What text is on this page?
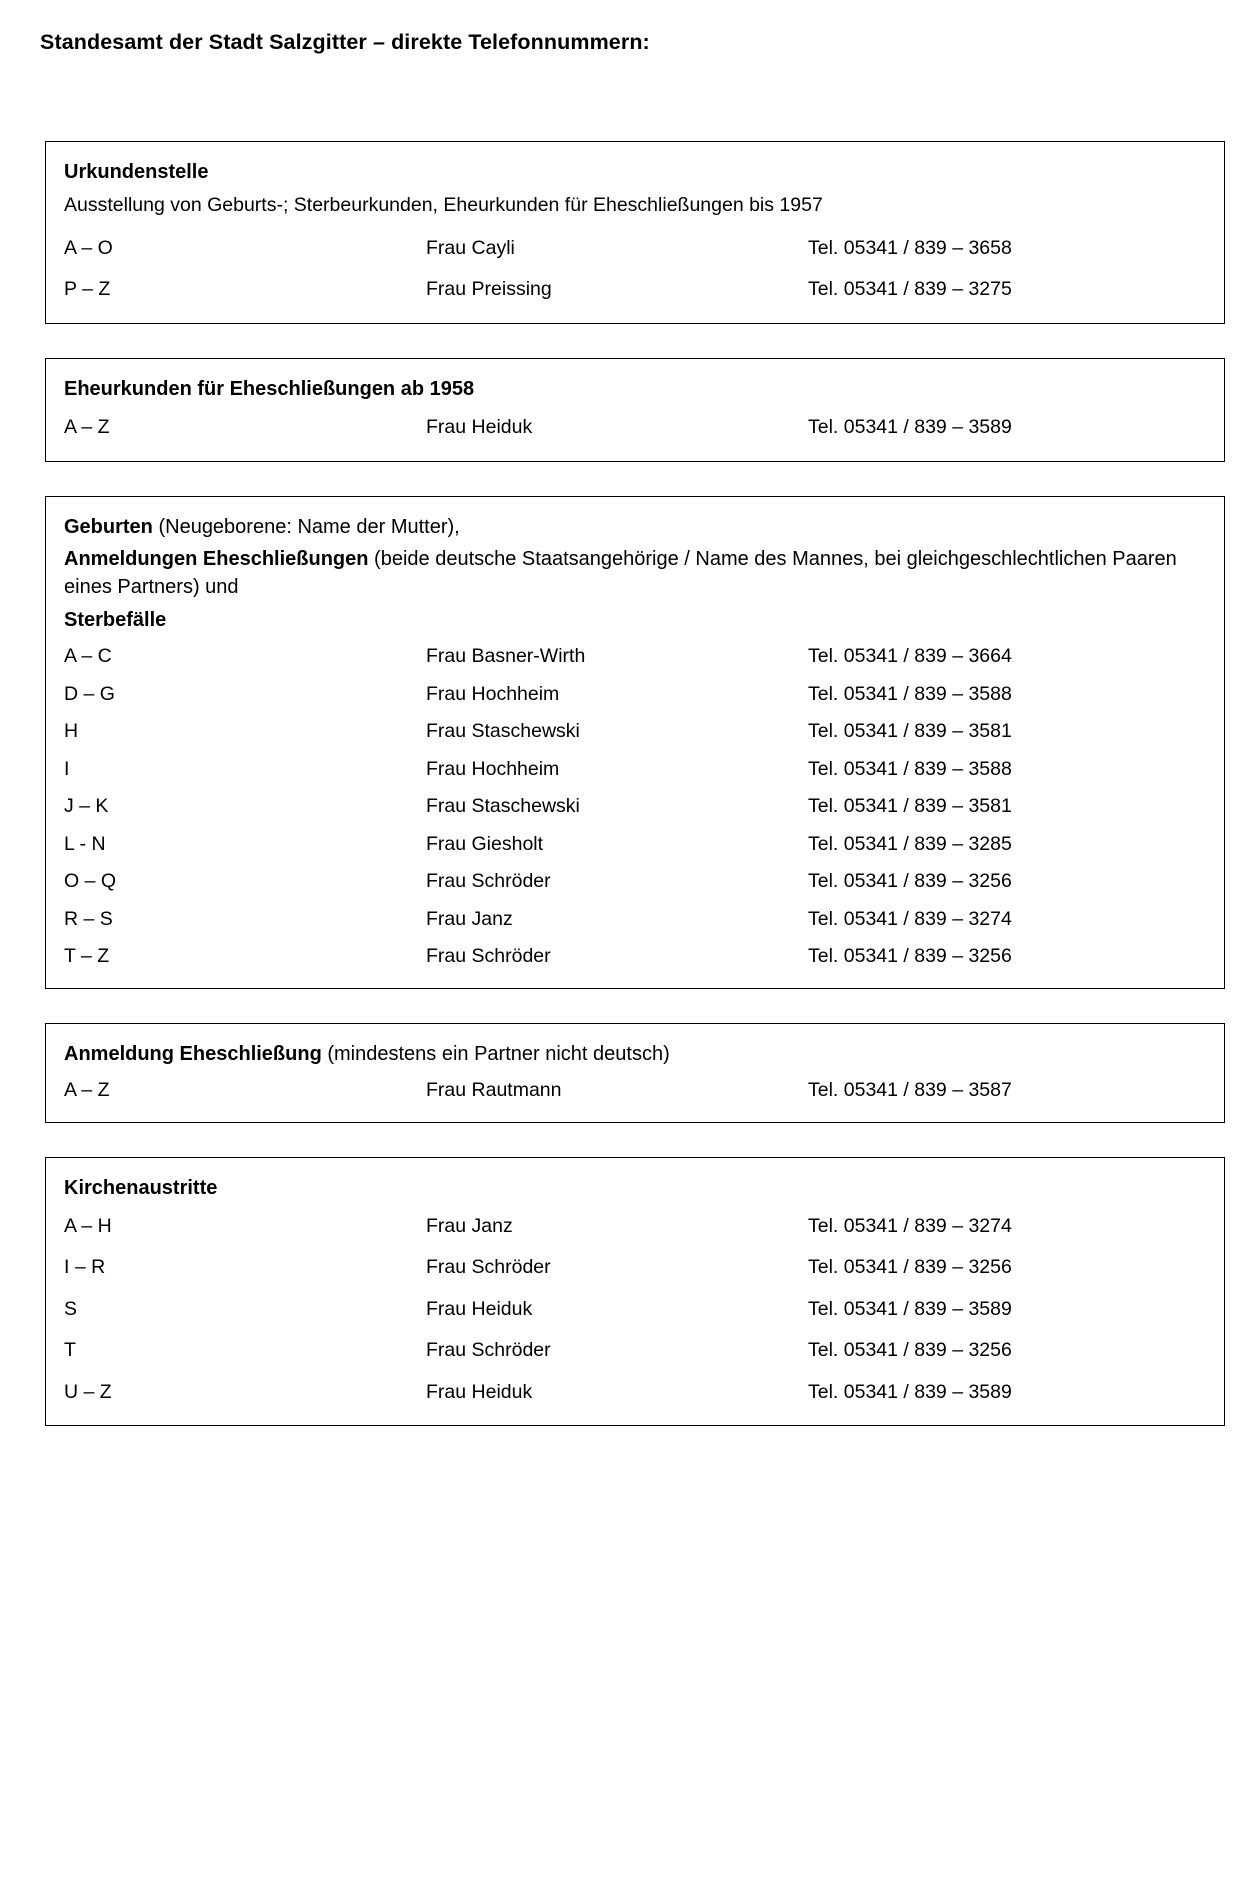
Standesamt der Stadt Salzgitter – direkte Telefonnummern:
Urkundenstelle
Ausstellung von Geburts-; Sterbeurkunden, Eheurkunden für Eheschließungen bis 1957
A – O	Frau Cayli	Tel. 05341 / 839 – 3658
P – Z	Frau Preissing	Tel. 05341 / 839 – 3275
Eheurkunden für Eheschließungen ab 1958
A – Z	Frau Heiduk	Tel. 05341 / 839 – 3589
Geburten (Neugeborene: Name der Mutter),
Anmeldungen Eheschließungen (beide deutsche Staatsangehörige / Name des Mannes, bei gleichgeschlechtlichen Paaren eines Partners) und
Sterbefälle
A – C	Frau Basner-Wirth	Tel. 05341 / 839 – 3664
D – G	Frau Hochheim	Tel. 05341 / 839 – 3588
H	Frau Staschewski	Tel. 05341 / 839 – 3581
I	Frau Hochheim	Tel. 05341 / 839 – 3588
J – K	Frau Staschewski	Tel. 05341 / 839 – 3581
L - N	Frau Giesholt	Tel. 05341 / 839 – 3285
O – Q	Frau Schröder	Tel. 05341 / 839 – 3256
R – S	Frau Janz	Tel. 05341 / 839 – 3274
T – Z	Frau Schröder	Tel. 05341 / 839 – 3256
Anmeldung Eheschließung (mindestens ein Partner nicht deutsch)
A – Z	Frau Rautmann	Tel. 05341 / 839 – 3587
Kirchenaustritte
A – H	Frau Janz	Tel. 05341 / 839 – 3274
I – R	Frau Schröder	Tel. 05341 / 839 – 3256
S	Frau Heiduk	Tel. 05341 / 839 – 3589
T	Frau Schröder	Tel. 05341 / 839 – 3256
U – Z	Frau Heiduk	Tel. 05341 / 839 – 3589
